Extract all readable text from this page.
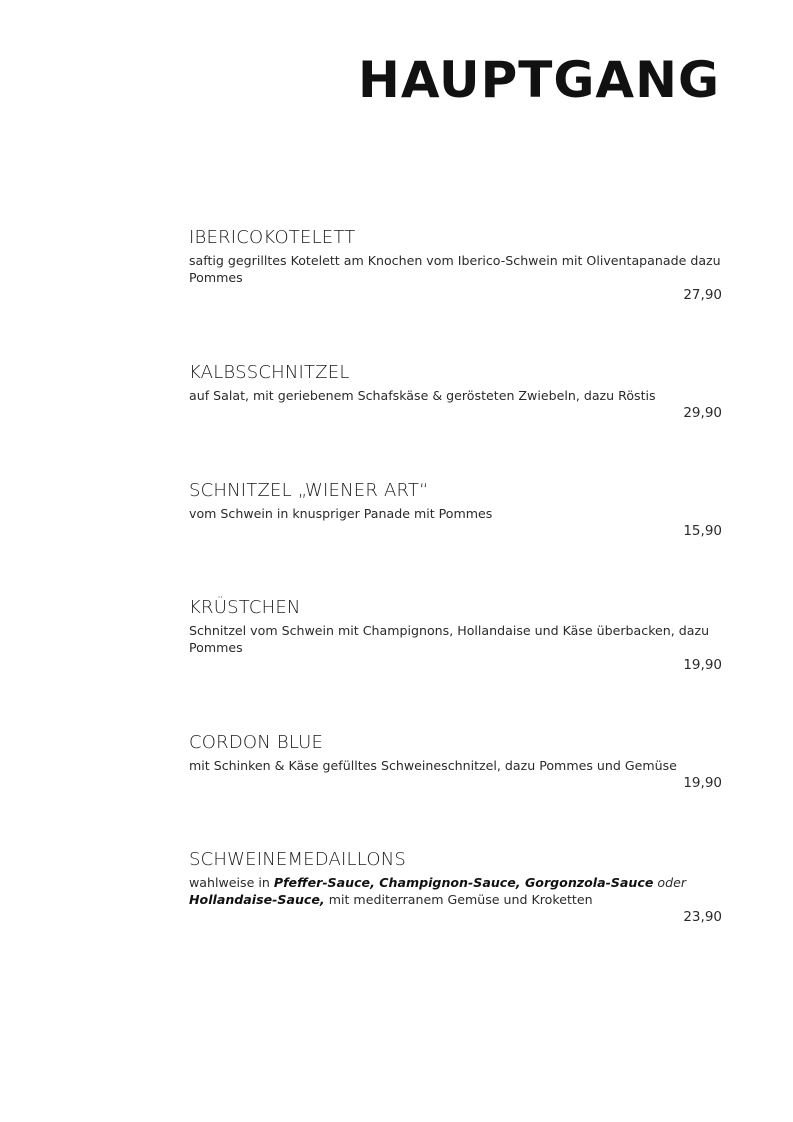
HAUPTGANG
IBERICOKOTELETT

saftig gegrilltes Kotelett am Knochen vom Iberico-Schwein mit Oliventapanade dazu Pommes

27,90
KALBSSCHNITZEL

auf Salat, mit geriebenem Schafskäse & gerösteten Zwiebeln, dazu Röstis

29,90
SCHNITZEL „WIENER ART“

vom Schwein in knuspriger Panade mit Pommes

15,90
KRÜSTCHEN

Schnitzel vom Schwein mit Champignons, Hollandaise und Käse überbacken, dazu Pommes

19,90
CORDON BLUE

mit Schinken & Käse gefülltes Schweineschnitzel, dazu Pommes und Gemüse

19,90
SCHWEINEMEDAILLONS

wahlweise in Pfeffer-Sauce, Champignon-Sauce, Gorgonzola-Sauce oder
Hollandaise-Sauce, mit mediterranem Gemüse und Kroketten

23,90
